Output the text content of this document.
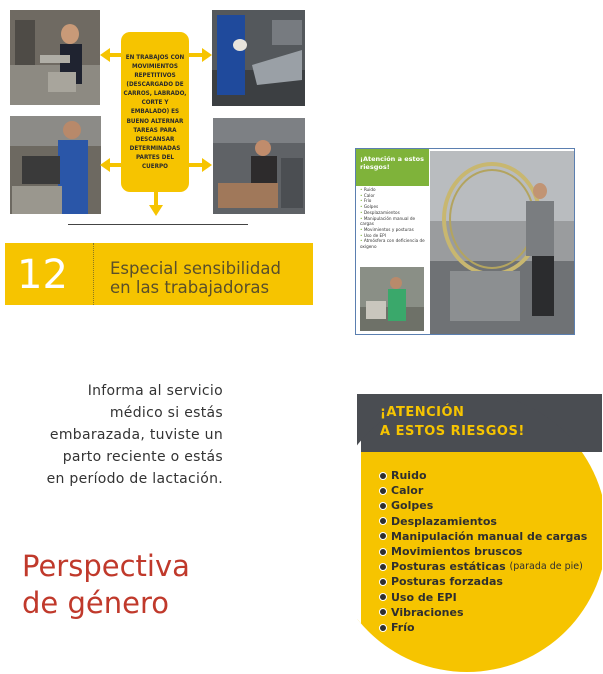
EN TRABAJOS CON MOVIMIENTOS REPETITIVOS (DESCARGADO DE CARROS, LABRADO, CORTE Y EMBALADO) ES BUENO ALTERNAR TAREAS PARA DESCANSAR DETERMINADAS PARTES DEL CUERPO
12	Especial sensibilidad
en las trabajadoras
¡Atención a estos riesgos!
• Ruido
• Calor
• Frío
• Golpes
• Desplazamientos
• Manipulación manual de cargas
• Movimientos y posturas
• Uso de EPI
• Atmósfera con deficiencia de oxígeno
Informa al servicio
médico si estás
embarazada, tuviste un
parto reciente o estás
en período de lactación.
Perspectiva
de género
¡ATENCIÓN
A ESTOS RIESGOS!
Ruido
Calor
Golpes
Desplazamientos
Manipulación manual de cargas
Movimientos bruscos
Posturas estáticas
(parada de pie)
Posturas forzadas
Uso de EPI
Vibraciones
Frío
